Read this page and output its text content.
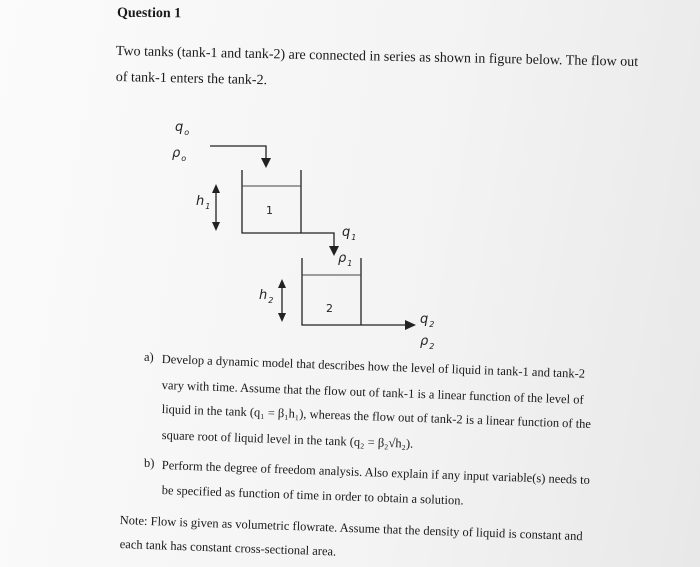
Question 1
Two tanks (tank-1 and tank-2) are connected in series as shown in figure below. The flow out
of tank-1 enters the tank-2.
$q_o$
$\rho_o$
1
$h_1$
$q_1$
$\rho_1$
2
$h_2$
$q_2$
$\rho_2$
a) Develop a dynamic model that describes how the level of liquid in tank-1 and tank-2
vary with time. Assume that the flow out of tank-1 is a linear function of the level of
liquid in the tank (q₁ = β₁h₁), whereas the flow out of tank-2 is a linear function of the
square root of liquid level in the tank (q₂ = β₂√h₂).
b) Perform the degree of freedom analysis. Also explain if any input variable(s) needs to
be specified as function of time in order to obtain a solution.
Note: Flow is given as volumetric flowrate. Assume that the density of liquid is constant and
each tank has constant cross-sectional area.
